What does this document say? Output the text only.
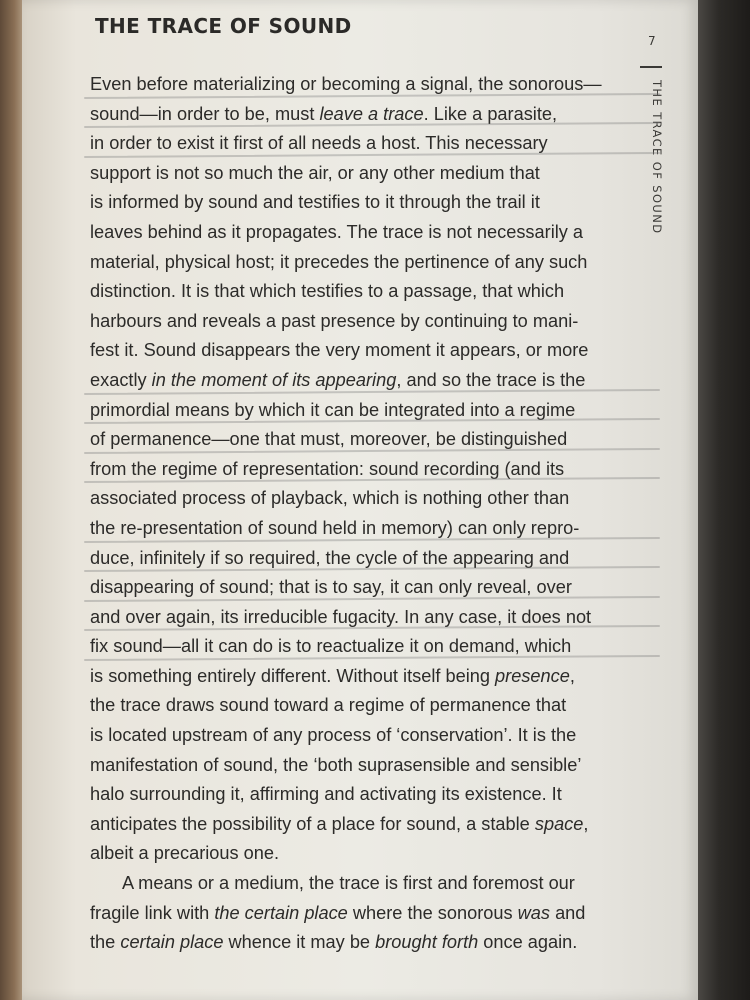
THE TRACE OF SOUND
7
THE TRACE OF SOUND
Even before materializing or becoming a signal, the sonorous—
sound—in order to be, must leave a trace. Like a parasite,
in order to exist it first of all needs a host. This necessary
support is not so much the air, or any other medium that
is informed by sound and testifies to it through the trail it
leaves behind as it propagates. The trace is not necessarily a
material, physical host; it precedes the pertinence of any such
distinction. It is that which testifies to a passage, that which
harbours and reveals a past presence by continuing to mani-
fest it. Sound disappears the very moment it appears, or more
exactly in the moment of its appearing, and so the trace is the
primordial means by which it can be integrated into a regime
of permanence—one that must, moreover, be distinguished
from the regime of representation: sound recording (and its
associated process of playback, which is nothing other than
the re-presentation of sound held in memory) can only repro-
duce, infinitely if so required, the cycle of the appearing and
disappearing of sound; that is to say, it can only reveal, over
and over again, its irreducible fugacity. In any case, it does not
fix sound—all it can do is to reactualize it on demand, which
is something entirely different. Without itself being presence,
the trace draws sound toward a regime of permanence that
is located upstream of any process of ‘conservation’. It is the
manifestation of sound, the ‘both suprasensible and sensible’
halo surrounding it, affirming and activating its existence. It
anticipates the possibility of a place for sound, a stable space,
albeit a precarious one.
A means or a medium, the trace is first and foremost our
fragile link with the certain place where the sonorous was and
the certain place whence it may be brought forth once again.
